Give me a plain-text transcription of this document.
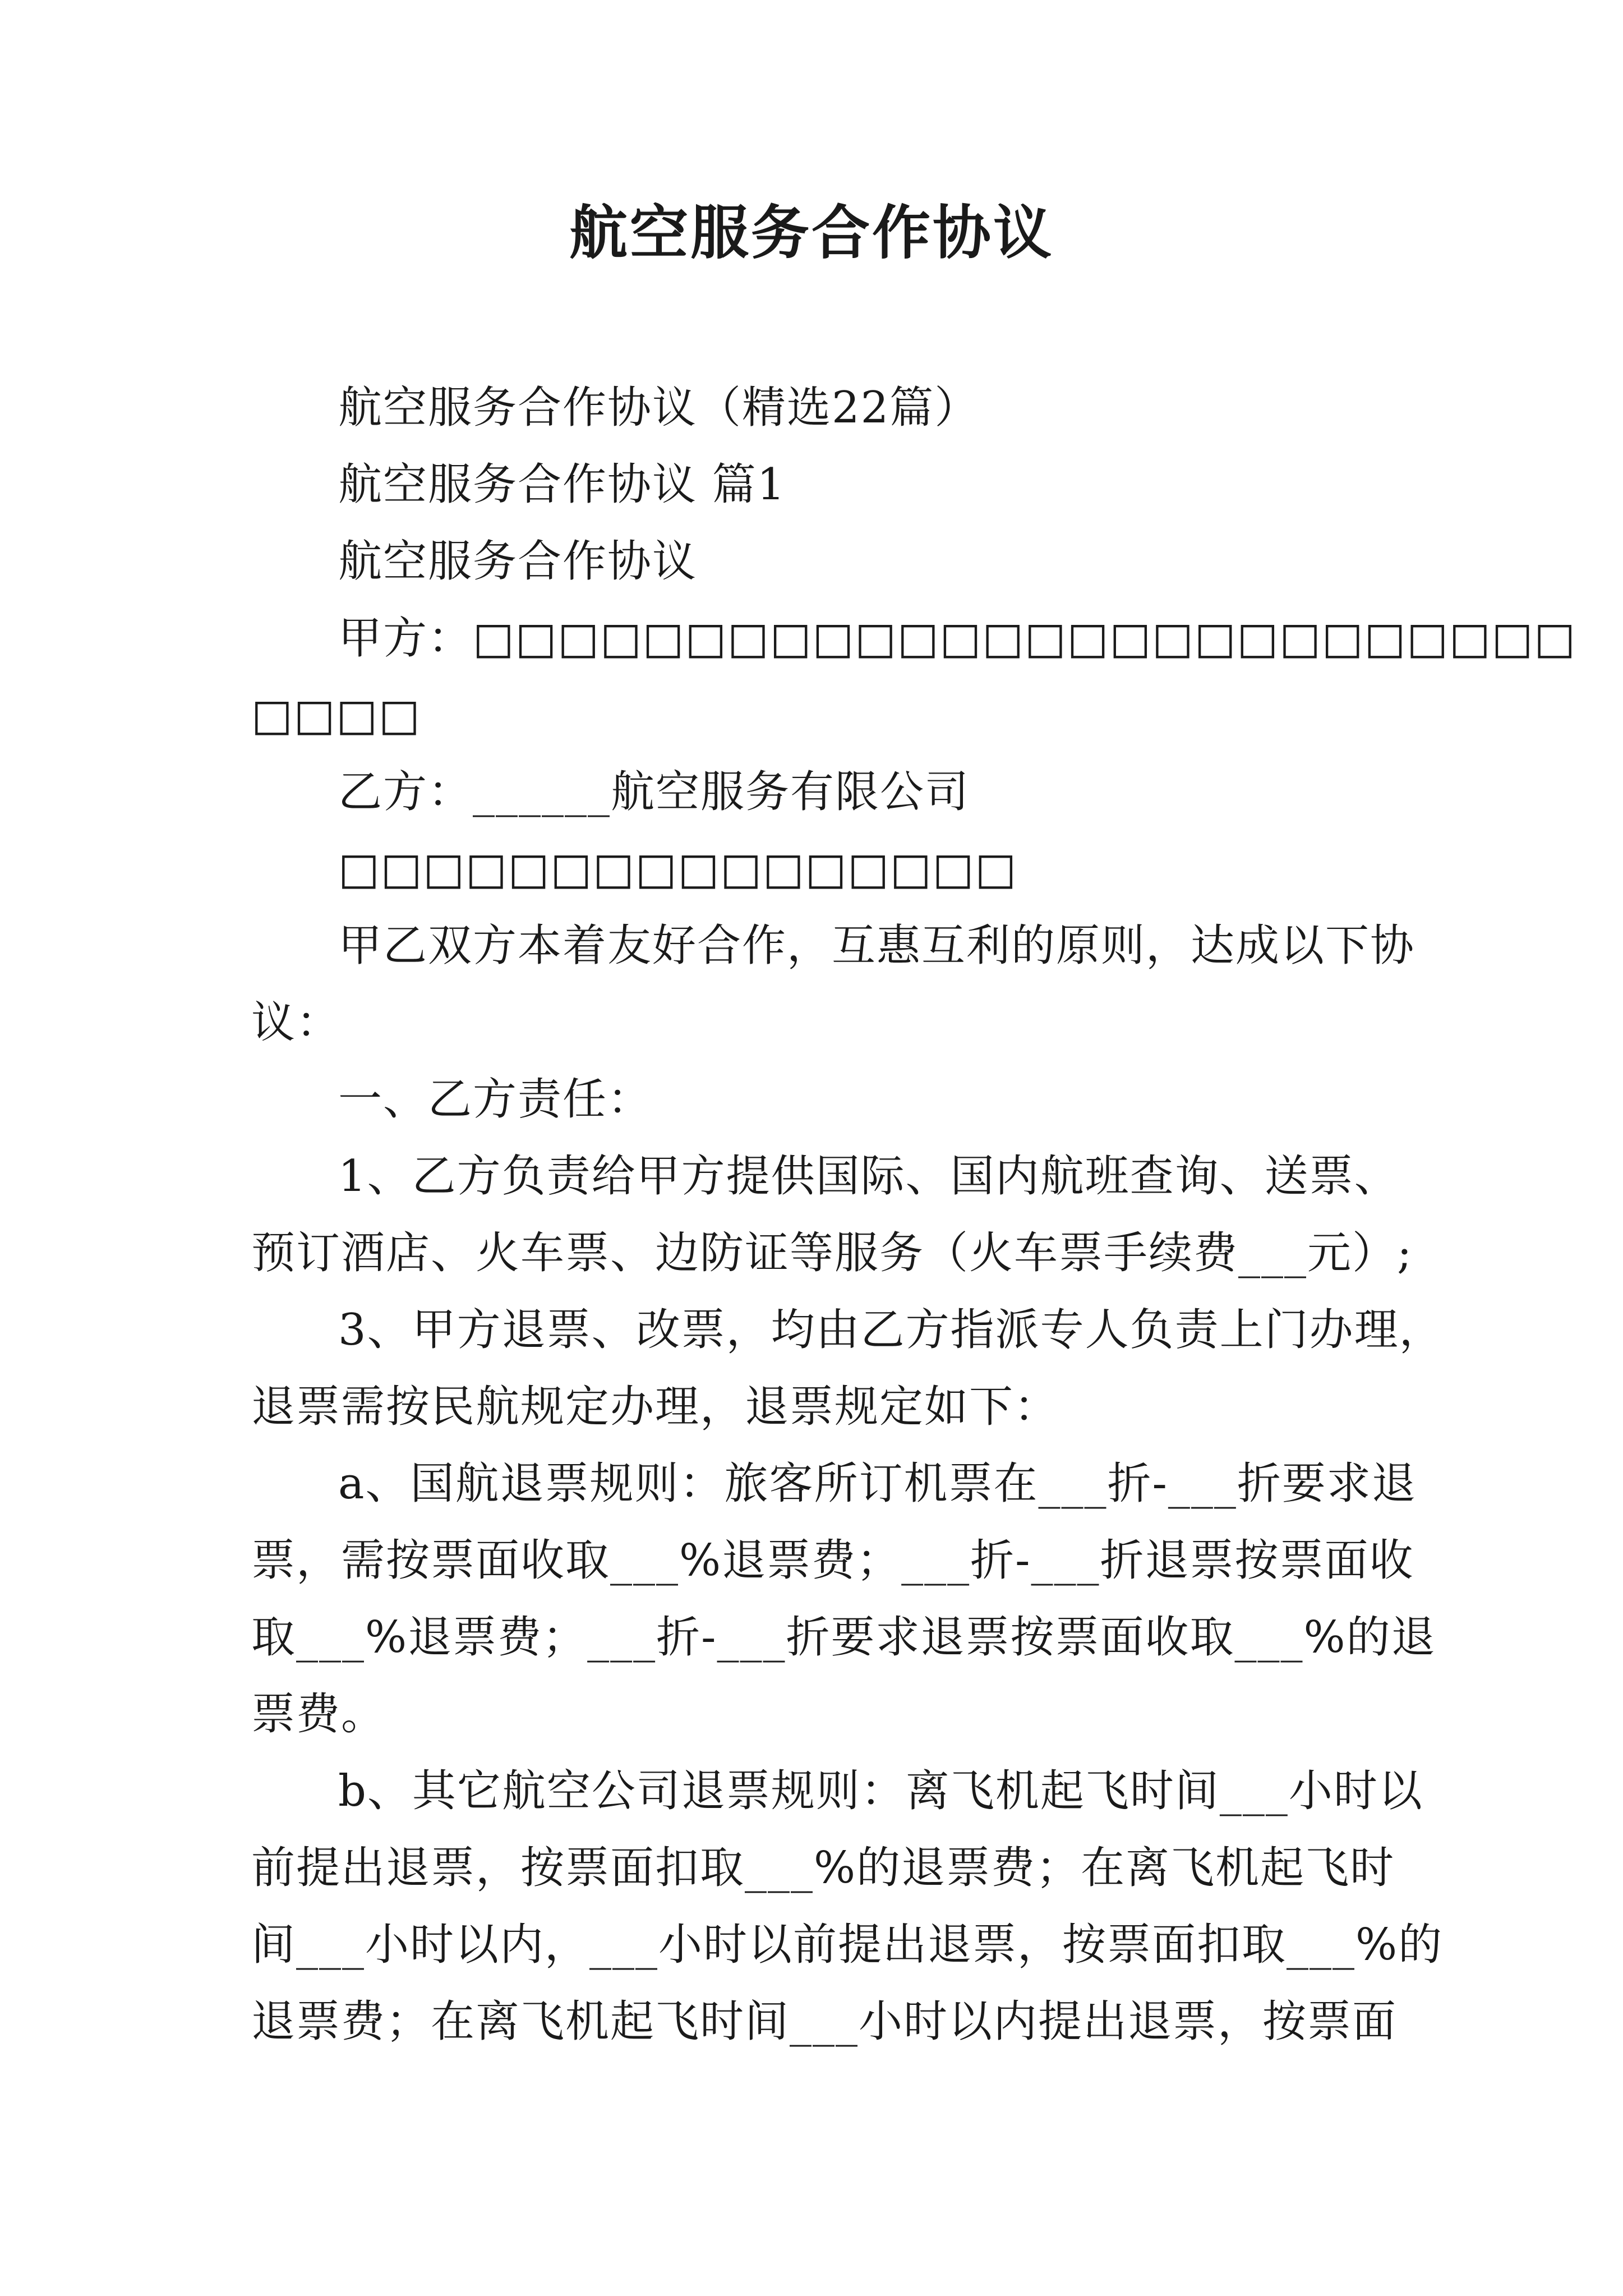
航空服务合作协议
航空服务合作协议（精选22篇）
航空服务合作协议 篇1
航空服务合作协议
甲方：□□□□□□□□□□□□□□□□□□□□□□□□□□
□□□□
乙方：______航空服务有限公司
□□□□□□□□□□□□□□□□
甲乙双方本着友好合作，互惠互利的原则，达成以下协
议：
一、乙方责任：
1、乙方负责给甲方提供国际、国内航班查询、送票、
预订酒店、火车票、边防证等服务（火车票手续费___元）;
3、甲方退票、改票，均由乙方指派专人负责上门办理，
退票需按民航规定办理，退票规定如下：
a、国航退票规则：旅客所订机票在___折-___折要求退
票，需按票面收取___%退票费；___折-___折退票按票面收
取___%退票费；___折-___折要求退票按票面收取___%的退
票费。
b、其它航空公司退票规则：离飞机起飞时间___小时以
前提出退票，按票面扣取___%的退票费；在离飞机起飞时
间___小时以内，___小时以前提出退票，按票面扣取___%的
退票费；在离飞机起飞时间___小时以内提出退票，按票面
